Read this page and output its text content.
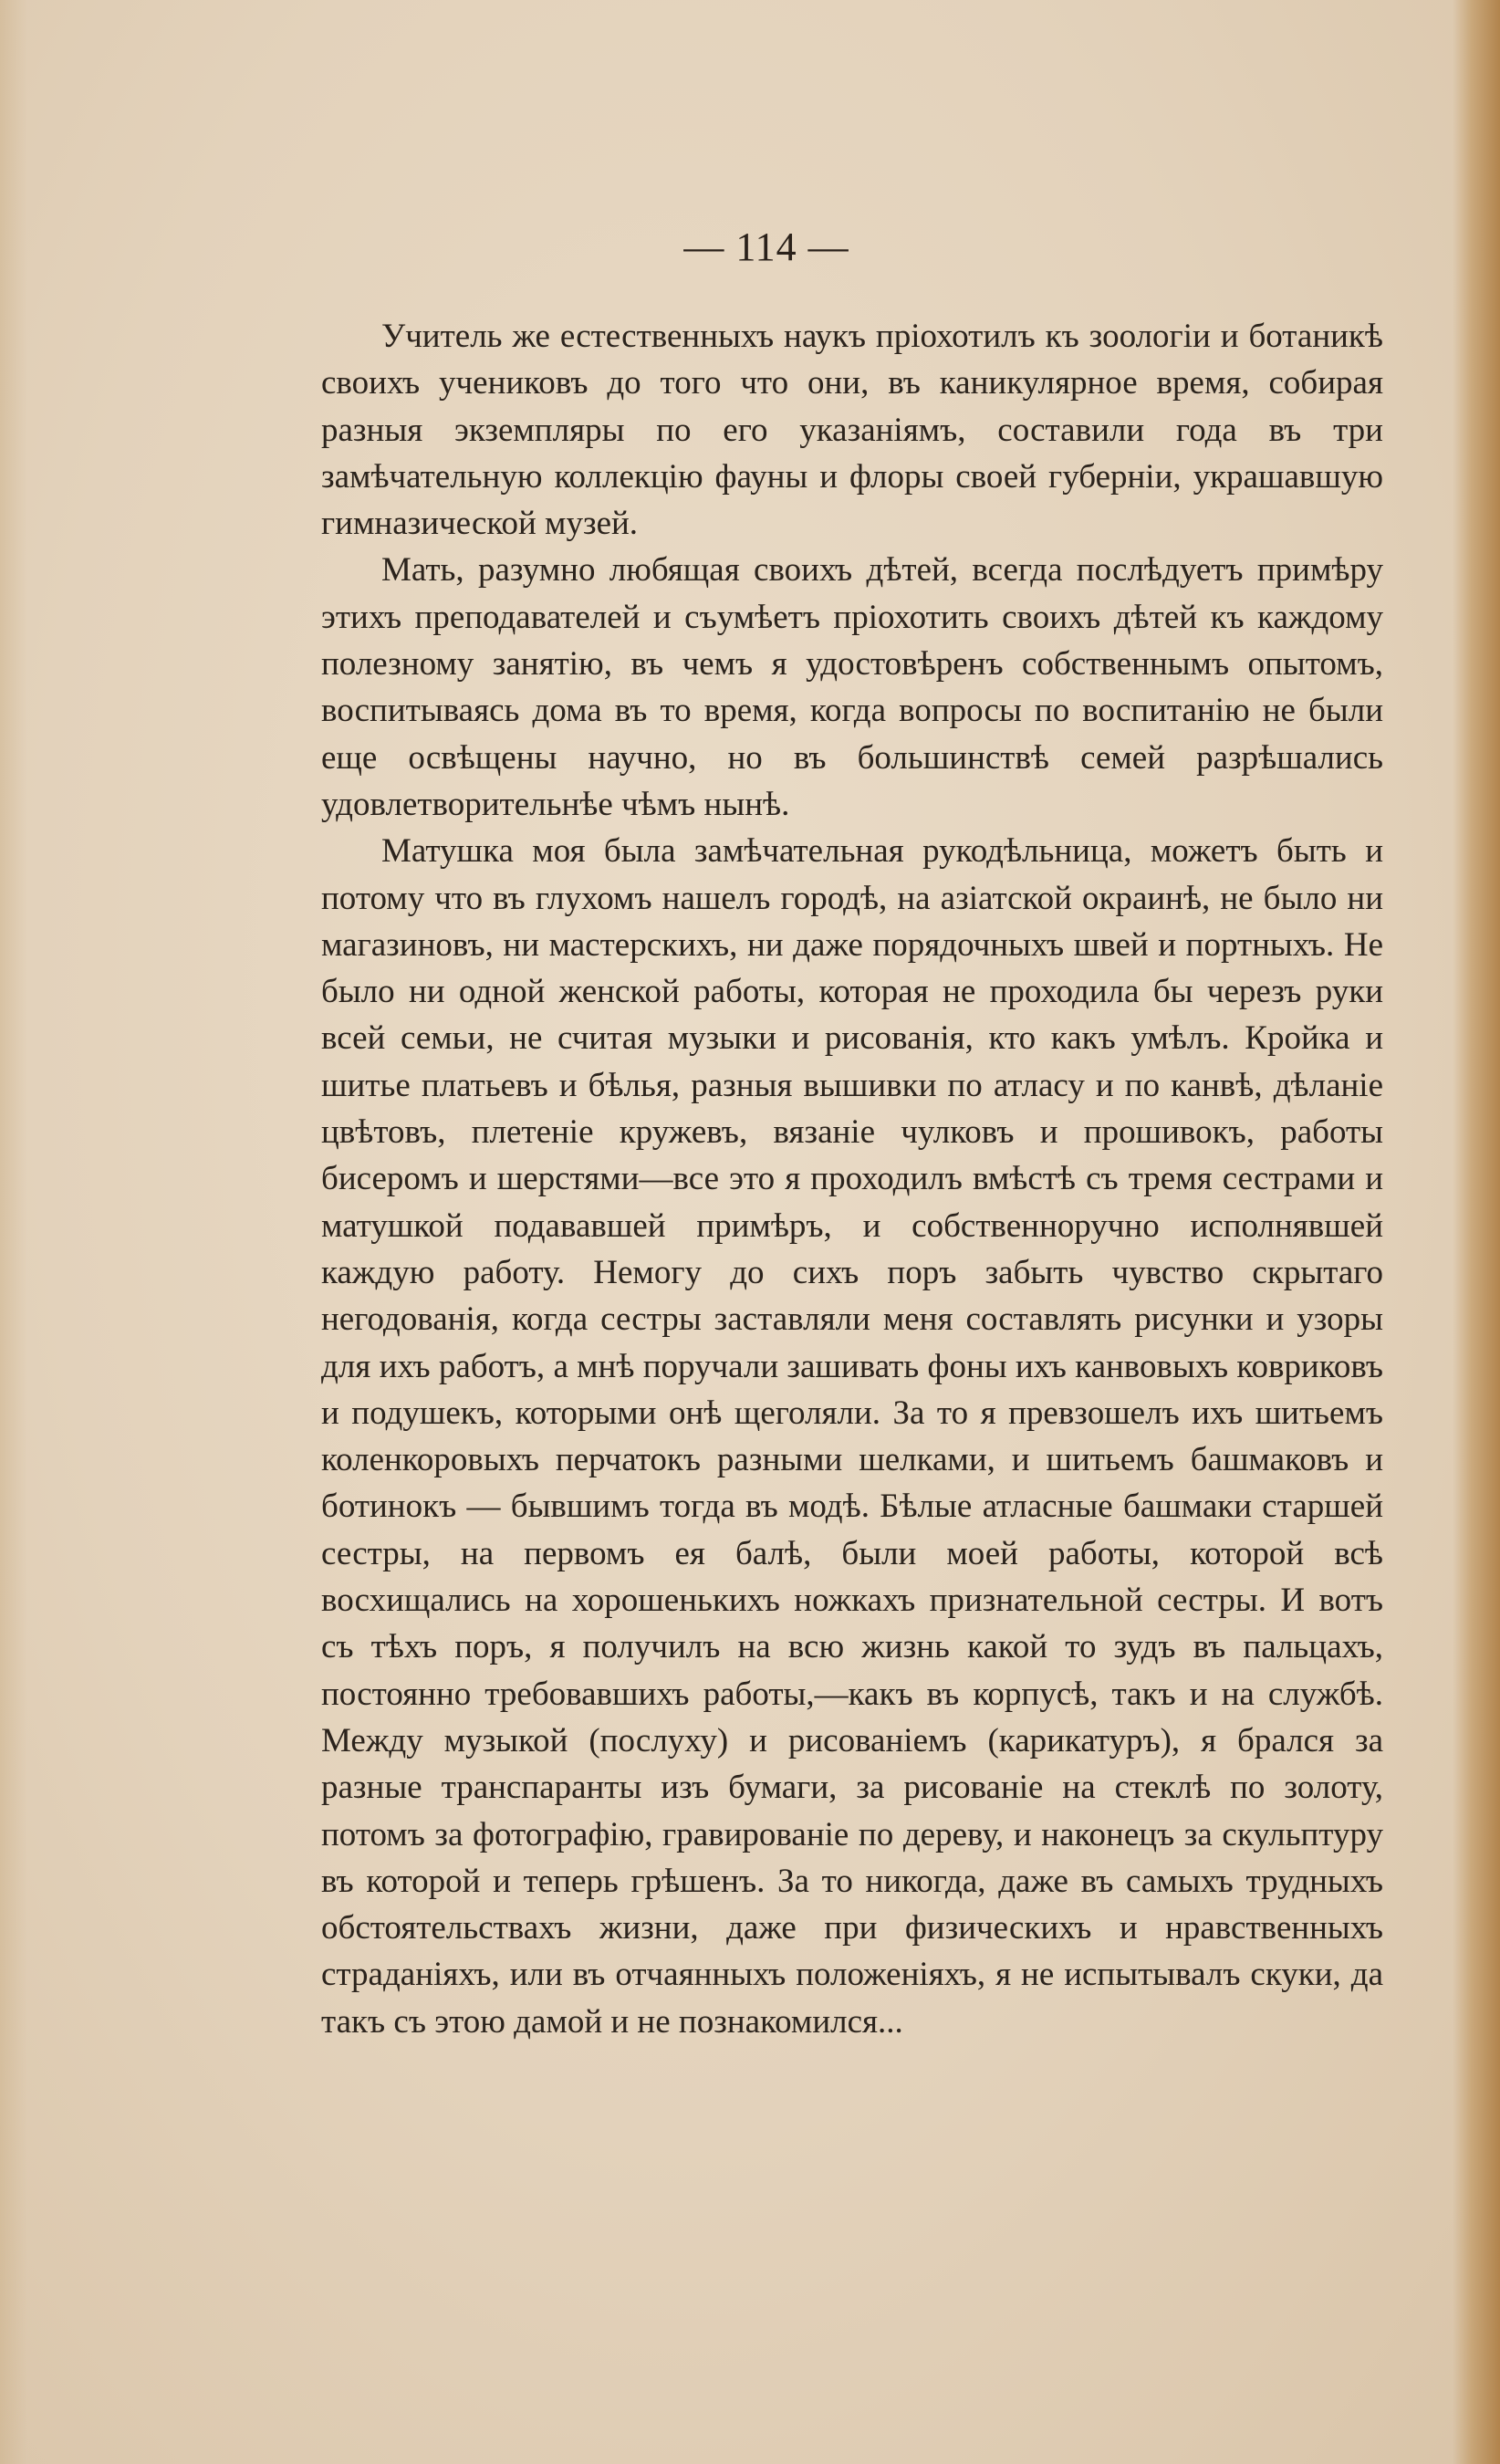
— 114 —

Учитель же естественныхъ наукъ пріохотилъ къ зоологіи и ботаникѣ своихъ учениковъ до того что они, въ каникулярное время, собирая разныя экземпляры по его указаніямъ, составили года въ три замѣчательную коллекцію фауны и флоры своей губерніи, украшавшую гимназической музей.

Мать, разумно любящая своихъ дѣтей, всегда послѣдуетъ примѣру этихъ преподавателей и съумѣетъ пріохотить своихъ дѣтей къ каждому полезному занятію, въ чемъ я удостовѣренъ собственнымъ опытомъ, воспитываясь дома въ то время, когда вопросы по воспитанію не были еще освѣщены научно, но въ большинствѣ семей разрѣшались удовлетворительнѣе чѣмъ нынѣ.

Матушка моя была замѣчательная рукодѣльница, можетъ быть и потому что въ глухомъ нашелъ городѣ, на азіатской окраинѣ, не было ни магазиновъ, ни мастерскихъ, ни даже порядочныхъ швей и портныхъ. Не было ни одной женской работы, которая не проходила бы черезъ руки всей семьи, не считая музыки и рисованія, кто какъ умѣлъ. Кройка и шитье платьевъ и бѣлья, разныя вышивки по атласу и по канвѣ, дѣланіе цвѣтовъ, плетеніе кружевъ, вязаніе чулковъ и прошивокъ, работы бисеромъ и шерстями—все это я проходилъ вмѣстѣ съ тремя сестрами и матушкой подававшей примѣръ, и собственноручно исполнявшей каждую работу. Немогу до сихъ поръ забыть чувство скрытаго негодованія, когда сестры заставляли меня составлять рисунки и узоры для ихъ работъ, а мнѣ поручали зашивать фоны ихъ канвовыхъ ковриковъ и подушекъ, которыми онѣ щеголяли. За то я превзошелъ ихъ шитьемъ коленкоровыхъ перчатокъ разными шелками, и шитьемъ башмаковъ и ботинокъ — бывшимъ тогда въ модѣ. Бѣлые атласные башмаки старшей сестры, на первомъ ея балѣ, были моей работы, которой всѣ восхищались на хорошенькихъ ножкахъ признательной сестры. И вотъ съ тѣхъ поръ, я получилъ на всю жизнь какой то зудъ въ пальцахъ, постоянно требовавшихъ работы,—какъ въ корпусѣ, такъ и на службѣ. Между музыкой (послуху) и рисованіемъ (карикатуръ), я брался за разные транспаранты изъ бумаги, за рисованіе на стеклѣ по золоту, потомъ за фотографію, гравированіе по дереву, и наконецъ за скульптуру въ которой и теперь грѣшенъ. За то никогда, даже въ самыхъ трудныхъ обстоятельствахъ жизни, даже при физическихъ и нравственныхъ страданіяхъ, или въ отчаянныхъ положеніяхъ, я не испытывалъ скуки, да такъ съ этою дамой и не познакомился...
